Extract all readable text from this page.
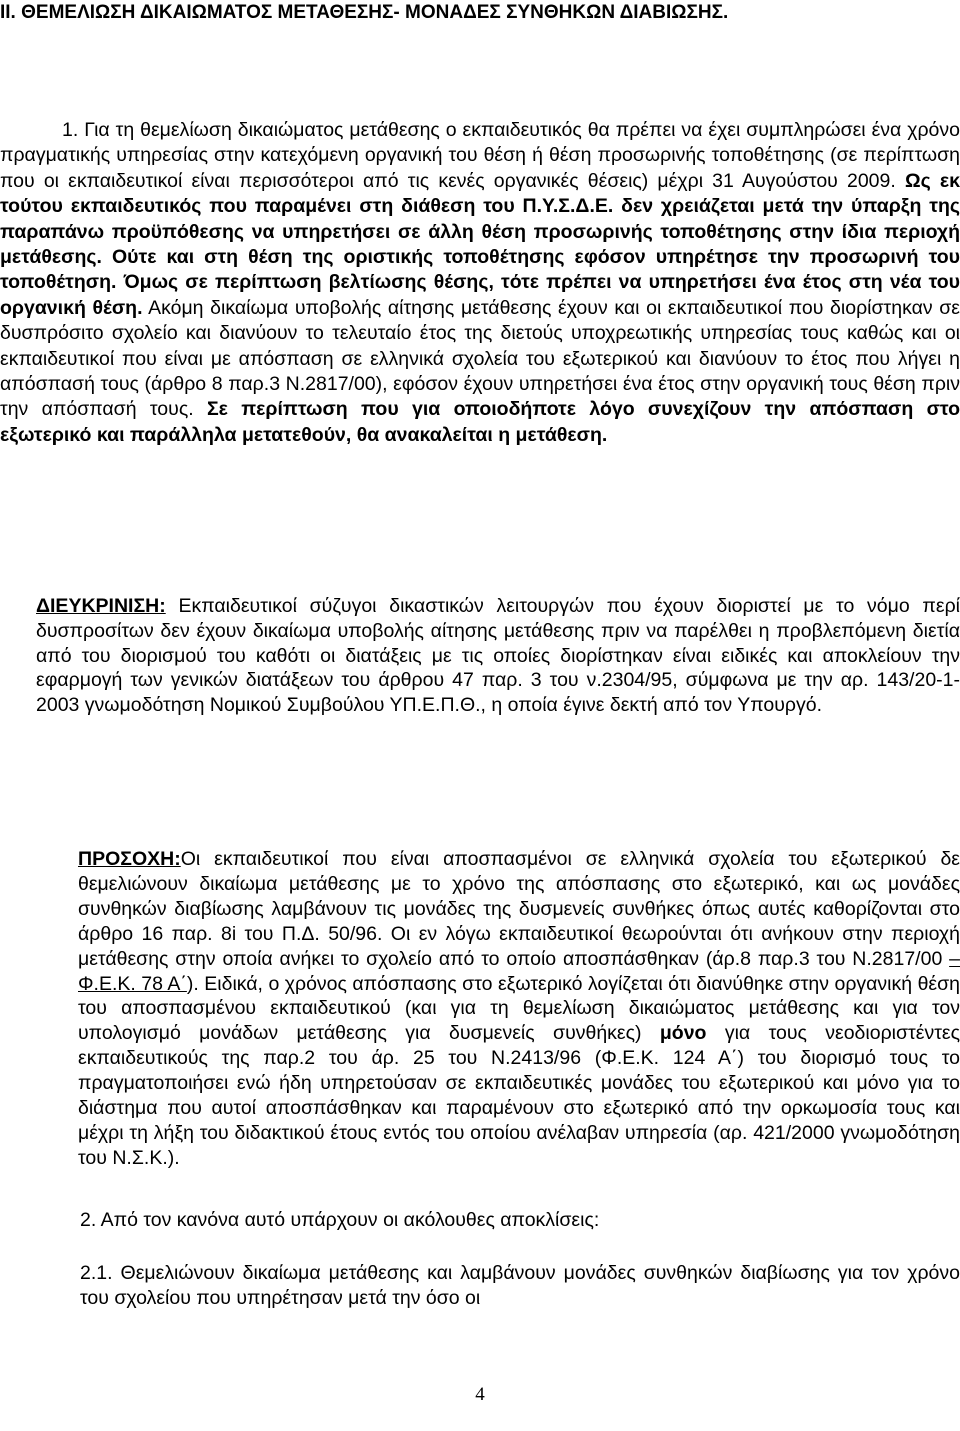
ΙΙ. ΘΕΜΕΛΙΩΣΗ ΔΙΚΑΙΩΜΑΤΟΣ ΜΕΤΑΘΕΣΗΣ- ΜΟΝΑΔΕΣ ΣΥΝΘΗΚΩΝ ΔΙΑΒΙΩΣΗΣ.
1. Για τη θεμελίωση δικαιώματος μετάθεσης ο εκπαιδευτικός θα πρέπει να έχει συμπληρώσει ένα χρόνο πραγματικής υπηρεσίας στην κατεχόμενη οργανική του θέση ή θέση προσωρινής τοποθέτησης (σε περίπτωση που οι εκπαιδευτικοί είναι περισσότεροι από τις κενές οργανικές θέσεις) μέχρι 31 Αυγούστου 2009. Ως εκ τούτου εκπαιδευτικός που παραμένει στη διάθεση του Π.Υ.Σ.Δ.Ε. δεν χρειάζεται μετά την ύπαρξη της παραπάνω προϋπόθεσης να υπηρετήσει σε άλλη θέση προσωρινής τοποθέτησης στην ίδια περιοχή μετάθεσης. Ούτε και στη θέση της οριστικής τοποθέτησης εφόσον υπηρέτησε την προσωρινή του τοποθέτηση. Όμως σε περίπτωση βελτίωσης θέσης, τότε πρέπει να υπηρετήσει ένα έτος στη νέα του οργανική θέση. Ακόμη δικαίωμα υποβολής αίτησης μετάθεσης έχουν και οι εκπαιδευτικοί που διορίστηκαν σε δυσπρόσιτο σχολείο και διανύουν το τελευταίο έτος της διετούς υποχρεωτικής υπηρεσίας τους καθώς και οι εκπαιδευτικοί που είναι με απόσπαση σε ελληνικά σχολεία του εξωτερικού και διανύουν το έτος που λήγει η απόσπασή τους (άρθρο 8 παρ.3 Ν.2817/00), εφόσον έχουν υπηρετήσει ένα έτος στην οργανική τους θέση πριν την απόσπασή τους. Σε περίπτωση που για οποιοδήποτε λόγο συνεχίζουν την απόσπαση στο εξωτερικό και παράλληλα μετατεθούν, θα ανακαλείται η μετάθεση.
ΔΙΕΥΚΡΙΝΙΣΗ: Εκπαιδευτικοί σύζυγοι δικαστικών λειτουργών που έχουν διοριστεί με το νόμο περί δυσπροσίτων δεν έχουν δικαίωμα υποβολής αίτησης μετάθεσης πριν να παρέλθει η προβλεπόμενη διετία από του διορισμού του καθότι οι διατάξεις με τις οποίες διορίστηκαν είναι ειδικές και αποκλείουν την εφαρμογή των γενικών διατάξεων του άρθρου 47 παρ. 3 του ν.2304/95, σύμφωνα με την αρ. 143/20-1-2003 γνωμοδότηση Νομικού Συμβούλου ΥΠ.Ε.Π.Θ., η οποία έγινε δεκτή από τον Υπουργό.
ΠΡΟΣΟΧΗ:Οι εκπαιδευτικοί που είναι αποσπασμένοι σε ελληνικά σχολεία του εξωτερικού δε θεμελιώνουν δικαίωμα μετάθεσης με το χρόνο της απόσπασης στο εξωτερικό, και ως μονάδες συνθηκών διαβίωσης λαμβάνουν τις μονάδες της δυσμενείς συνθήκες όπως αυτές καθορίζονται στο άρθρο 16 παρ. 8i του Π.Δ. 50/96. Οι εν λόγω εκπαιδευτικοί θεωρούνται ότι ανήκουν στην περιοχή μετάθεσης στην οποία ανήκει το σχολείο από το οποίο αποσπάσθηκαν (άρ.8 παρ.3 του Ν.2817/00 – Φ.Ε.Κ. 78 Α΄). Ειδικά, ο χρόνος απόσπασης στο εξωτερικό λογίζεται ότι διανύθηκε στην οργανική θέση του αποσπασμένου εκπαιδευτικού (και για τη θεμελίωση δικαιώματος μετάθεσης και για τον υπολογισμό μονάδων μετάθεσης για δυσμενείς συνθήκες) μόνο για τους νεοδιοριστέντες εκπαιδευτικούς της παρ.2 του άρ. 25 του Ν.2413/96 (Φ.Ε.Κ. 124 Α΄) του διορισμό τους το πραγματοποιήσει ενώ ήδη υπηρετούσαν σε εκπαιδευτικές μονάδες του εξωτερικού και μόνο για το διάστημα που αυτοί αποσπάσθηκαν και παραμένουν στο εξωτερικό από την ορκωμοσία τους και μέχρι τη λήξη του διδακτικού έτους εντός του οποίου ανέλαβαν υπηρεσία (αρ. 421/2000 γνωμοδότηση του Ν.Σ.Κ.).
2. Από τον κανόνα αυτό υπάρχουν οι ακόλουθες αποκλίσεις:
2.1. Θεμελιώνουν δικαίωμα μετάθεσης και λαμβάνουν μονάδες συνθηκών διαβίωσης για τον χρόνο του σχολείου που υπηρέτησαν μετά την όσο οι
4
